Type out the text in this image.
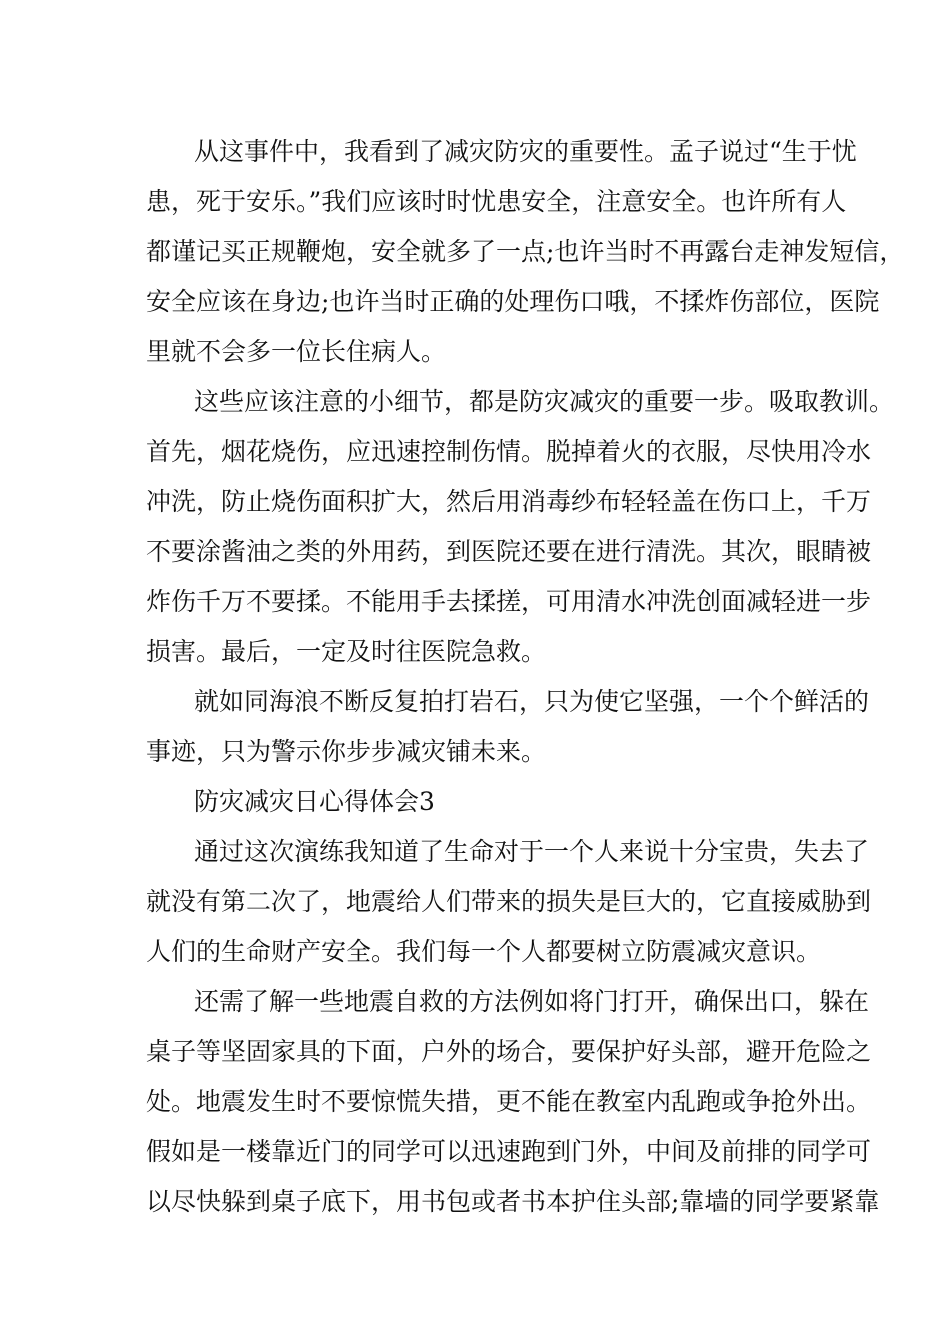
从这事件中，我看到了减灾防灾的重要性。孟子说过“生于忧
患，死于安乐。”我们应该时时忧患安全，注意安全。也许所有人
都谨记买正规鞭炮，安全就多了一点;也许当时不再露台走神发短信，
安全应该在身边;也许当时正确的处理伤口哦，不揉炸伤部位，医院
里就不会多一位长住病人。
这些应该注意的小细节，都是防灾减灾的重要一步。吸取教训。
首先，烟花烧伤，应迅速控制伤情。脱掉着火的衣服，尽快用冷水
冲洗，防止烧伤面积扩大，然后用消毒纱布轻轻盖在伤口上，千万
不要涂酱油之类的外用药，到医院还要在进行清洗。其次，眼睛被
炸伤千万不要揉。不能用手去揉搓，可用清水冲洗创面减轻进一步
损害。最后，一定及时往医院急救。
就如同海浪不断反复拍打岩石，只为使它坚强，一个个鲜活的
事迹，只为警示你步步减灾铺未来。
防灾减灾日心得体会3
通过这次演练我知道了生命对于一个人来说十分宝贵，失去了
就没有第二次了，地震给人们带来的损失是巨大的，它直接威胁到
人们的生命财产安全。我们每一个人都要树立防震减灾意识。
还需了解一些地震自救的方法例如将门打开，确保出口，躲在
桌子等坚固家具的下面，户外的场合，要保护好头部，避开危险之
处。地震发生时不要惊慌失措，更不能在教室内乱跑或争抢外出。
假如是一楼靠近门的同学可以迅速跑到门外，中间及前排的同学可
以尽快躲到桌子底下，用书包或者书本护住头部;靠墙的同学要紧靠
